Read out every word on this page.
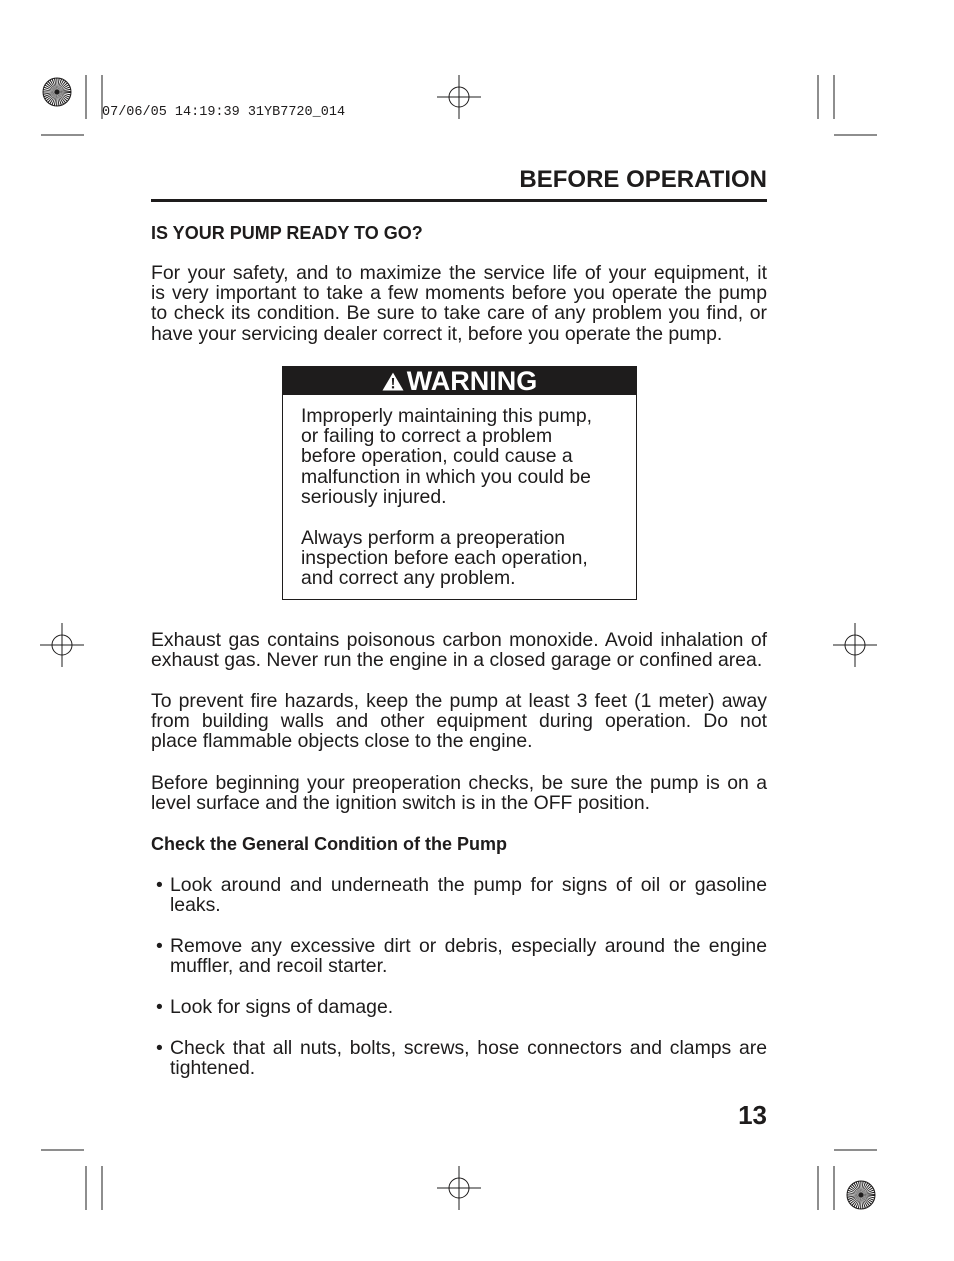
07/06/05 14:19:39 31YB7720_014
BEFORE OPERATION
IS YOUR PUMP READY TO GO?
For your safety, and to maximize the service life of your equipment, it
is very important to take a few moments before you operate the pump
to check its condition. Be sure to take care of any problem you find, or
have your servicing dealer correct it, before you operate the pump.
WARNING
Improperly maintaining this pump,
or failing to correct a problem
before operation, could cause a
malfunction in which you could be
seriously injured.
Always perform a preoperation
inspection before each operation,
and correct any problem.
Exhaust gas contains poisonous carbon monoxide. Avoid inhalation of
exhaust gas. Never run the engine in a closed garage or confined area.
To prevent fire hazards, keep the pump at least 3 feet (1 meter) away
from building walls and other equipment during operation. Do not
place flammable objects close to the engine.
Before beginning your preoperation checks, be sure the pump is on a
level surface and the ignition switch is in the OFF position.
Check the General Condition of the Pump
• Look around and underneath the pump for signs of oil or gasoline
leaks.
• Remove any excessive dirt or debris, especially around the engine
muffler, and recoil starter.
• Look for signs of damage.
• Check that all nuts, bolts, screws, hose connectors and clamps are
tightened.
13
